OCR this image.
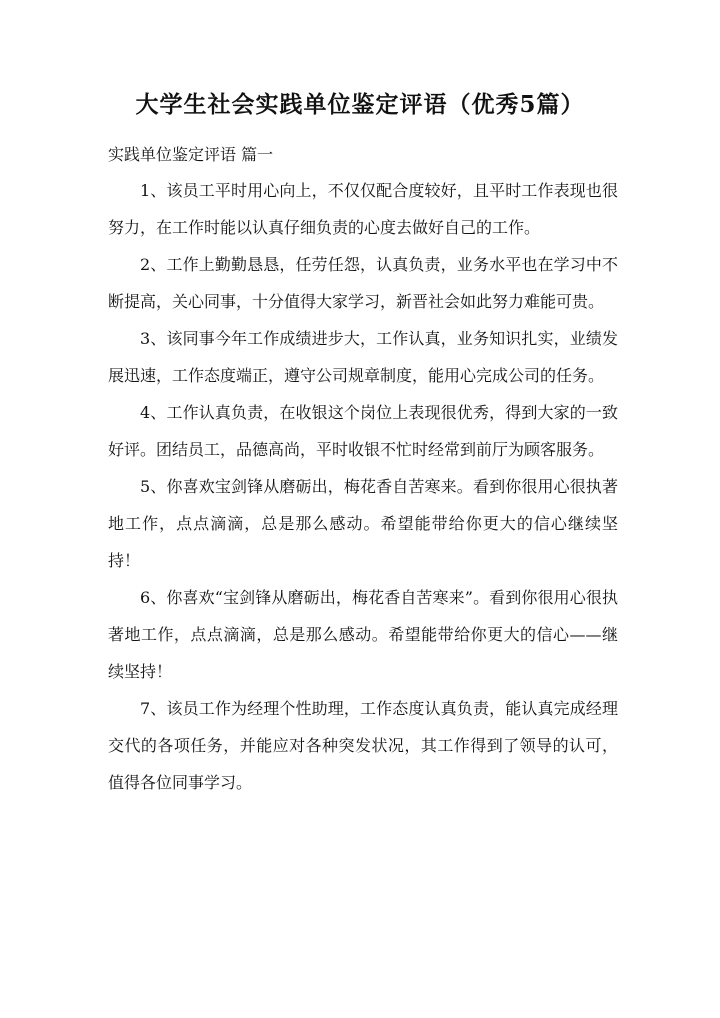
大学生社会实践单位鉴定评语（优秀5篇）
实践单位鉴定评语 篇一

1、该员工平时用心向上，不仅仅配合度较好，且平时工作表现也很努力，在工作时能以认真仔细负责的心度去做好自己的工作。

2、工作上勤勤恳恳，任劳任怨，认真负责，业务水平也在学习中不断提高，关心同事，十分值得大家学习，新晋社会如此努力难能可贵。

3、该同事今年工作成绩进步大，工作认真，业务知识扎实，业绩发展迅速，工作态度端正，遵守公司规章制度，能用心完成公司的任务。

4、工作认真负责，在收银这个岗位上表现很优秀，得到大家的一致好评。团结员工，品德高尚，平时收银不忙时经常到前厅为顾客服务。

5、你喜欢宝剑锋从磨砺出，梅花香自苦寒来。看到你很用心很执著地工作，点点滴滴，总是那么感动。希望能带给你更大的信心继续坚持！

6、你喜欢“宝剑锋从磨砺出，梅花香自苦寒来”。看到你很用心很执著地工作，点点滴滴，总是那么感动。希望能带给你更大的信心——继续坚持！

7、该员工作为经理个性助理，工作态度认真负责，能认真完成经理交代的各项任务，并能应对各种突发状况，其工作得到了领导的认可，值得各位同事学习。
